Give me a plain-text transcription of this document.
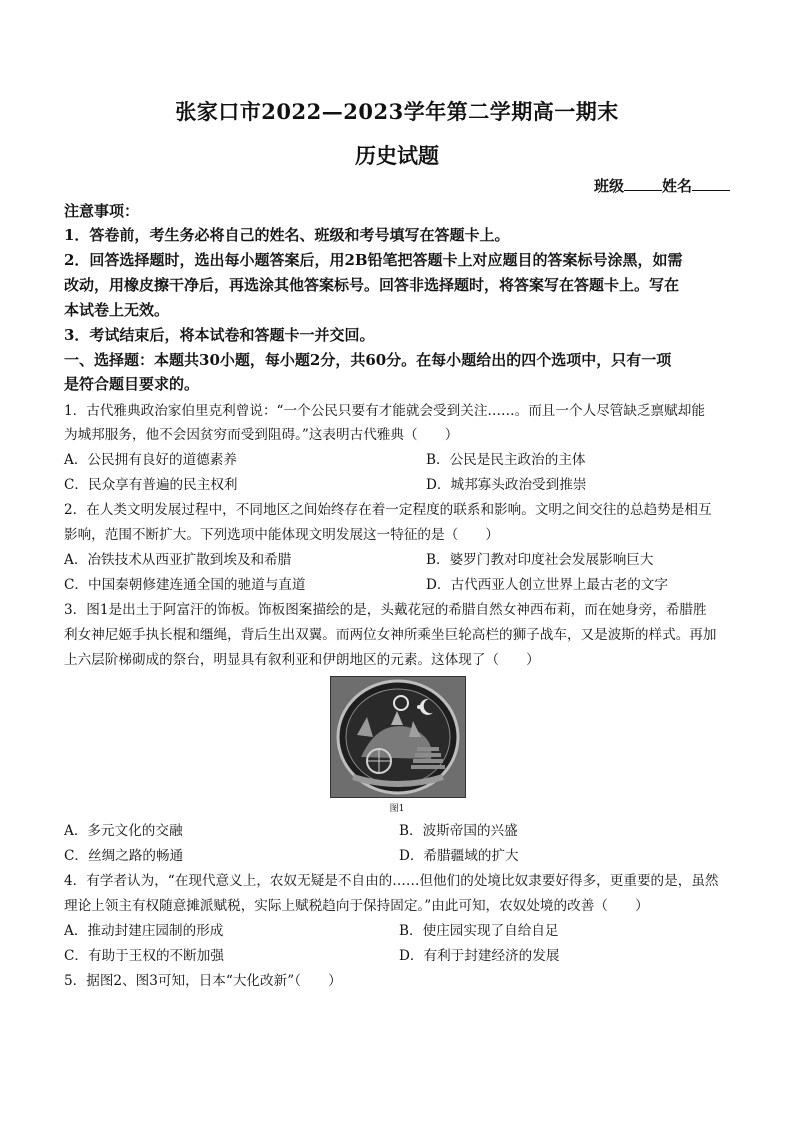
张家口市2022—2023学年第二学期高一期末
历史试题
班级	姓名
注意事项：
1．答卷前，考生务必将自己的姓名、班级和考号填写在答题卡上。
2．回答选择题时，选出每小题答案后，用2B铅笔把答题卡上对应题目的答案标号涂黑，如需
改动，用橡皮擦干净后，再选涂其他答案标号。回答非选择题时，将答案写在答题卡上。写在
本试卷上无效。
3．考试结束后，将本试卷和答题卡一并交回。
一、选择题：本题共30小题，每小题2分，共60分。在每小题给出的四个选项中，只有一项
是符合题目要求的。
1．古代雅典政治家伯里克利曾说：“一个公民只要有才能就会受到关注……。而且一个人尽管缺乏禀赋却能
为城邦服务，他不会因贫穷而受到阻碍。”这表明古代雅典（　　）
A．公民拥有良好的道德素养	B．公民是民主政治的主体
C．民众享有普遍的民主权利	D．城邦寡头政治受到推崇
2．在人类文明发展过程中，不同地区之间始终存在着一定程度的联系和影响。文明之间交往的总趋势是相互
影响，范围不断扩大。下列选项中能体现文明发展这一特征的是（　　）
A．冶铁技术从西亚扩散到埃及和希腊	B．婆罗门教对印度社会发展影响巨大
C．中国秦朝修建连通全国的驰道与直道	D．古代西亚人创立世界上最古老的文字
3．图1是出土于阿富汗的饰板。饰板图案描绘的是，头戴花冠的希腊自然女神西布莉，而在她身旁，希腊胜
利女神尼姬手执长棍和缰绳，背后生出双翼。而两位女神所乘坐巨轮高栏的狮子战车，又是波斯的样式。再加
上六层阶梯砌成的祭台，明显具有叙利亚和伊朗地区的元素。这体现了（　　）
图1
A．多元文化的交融	B．波斯帝国的兴盛
C．丝绸之路的畅通	D．希腊疆域的扩大
4．有学者认为，“在现代意义上，农奴无疑是不自由的……但他们的处境比奴隶要好得多，更重要的是，虽然
理论上领主有权随意摊派赋税，实际上赋税趋向于保持固定。”由此可知，农奴处境的改善（　　）
A．推动封建庄园制的形成	B．使庄园实现了自给自足
C．有助于王权的不断加强	D．有利于封建经济的发展
5．据图2、图3可知，日本“大化改新”（　　）
